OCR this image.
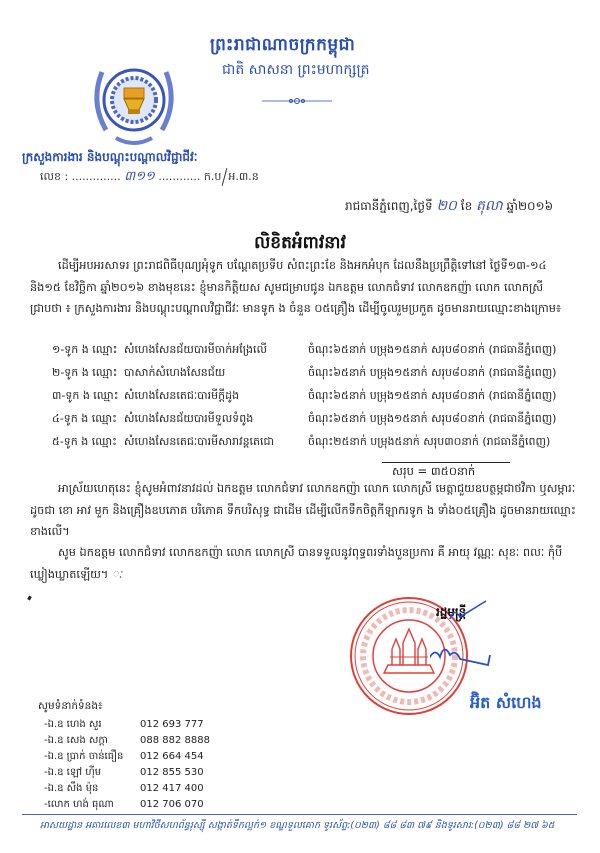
ព្រះរាជាណាចក្រកម្ពុជា
ជាតិ សាសនា ព្រះមហាក្សត្រ
ក្រសួងការងារ និងបណ្តុះបណ្តាលវិជ្ជាជីវៈ
លេខ : .............. ៣១១ ............ ក.ប អ.៣.ន
រាជធានីភ្នំពេញ,ថ្ងៃទី ២០ ខែ តុលា ឆ្នាំ២០១៦
លិខិតអំពាវនាវ
ដើម្បីអបអរសាទរ ព្រះរាជពិធីបុណ្យអុំទូក បណ្តែតប្រទីប សំពះព្រះខែ និងអកអំបុក ដែលនឹងប្រព្រឹត្តិទៅនៅ ថ្ងៃទី១៣-១៤ និង១៥ ខែវិច្ឆិកា ឆ្នាំ២០១៦ ខាងមុខនេះ ខ្ញុំមានកិត្តិយស សូមជម្រាបជូន ឯកឧត្តម លោកជំទាវ លោកឧកញ៉ា លោក លោកស្រី ជ្រាបថា ៖ ក្រសួងការងារ និងបណ្តុះបណ្តាលវិជ្ជាជីវៈ មានទូក ង ចំនួន ០៥គ្រឿង ដើម្បីចូលរួមប្រកួត ដូចមានរាយឈ្មោះខាងក្រោម៖
១-ទូក ង ឈ្មោះ សំហេងសែនជ័យបារមីចាក់អង្រែលើ	ចំណុះ៦៥នាក់ បម្រុង១៥នាក់ សរុប៨០នាក់ (រាជធានីភ្នំពេញ)
២-ទូក ង ឈ្មោះ បាសាក់សំហេងសែនជ័យ	ចំណុះ៦៥នាក់ បម្រុង១៥នាក់ សរុប៨០នាក់ (រាជធានីភ្នំពេញ)
៣-ទូក ង ឈ្មោះ សំហេងសែនតេជៈបារមីក្តីដូង	ចំណុះ៦៥នាក់ បម្រុង១៥នាក់ សរុប៨០នាក់ (រាជធានីភ្នំពេញ)
៤-ទូក ង ឈ្មោះ សំហេងសែនជ័យបារមីទួលទំពូង	ចំណុះ៦៥នាក់ បម្រុង១៥នាក់ សរុប៨០នាក់ (រាជធានីភ្នំពេញ)
៥-ទូក ង ឈ្មោះ សំហេងសែនតេជៈបារមីសារាវន្តតេជោ	ចំណុះ២៥នាក់ បម្រុង៥នាក់ សរុប៣០នាក់ (រាជធានីភ្នំពេញ)
សរុប = ៣៥០នាក់
អាស្រ័យហេតុនេះ ខ្ញុំសូមអំពាវនាវដល់ ឯកឧត្តម លោកជំទាវ លោកឧកញ៉ា លោក លោកស្រី មេត្តាជួយឧបត្ថម្ភជាថវិកា ឬសម្ភារៈដូចជា ខោ អាវ មួក និងគ្រឿងឧបភោគ បរិភោគ ទឹកបរិសុទ្ធ ជាដើម ដើម្បីលើកទឹកចិត្តកីឡាករទូក ង ទាំង០៥គ្រឿង ដូចមានរាយឈ្មោះខាងលើ។
សូម ឯកឧត្តម លោកជំទាវ លោកឧកញ៉ា លោក លោកស្រី បានទទួលនូវពុទ្ធពរទាំងបួនប្រការ គឺ អាយុ វណ្ណៈ សុខៈ ពលៈ កុំបីឃ្លៀងឃ្លាតឡើយ។ ៈ
រដ្ឋមន្ត្រី
អ៊ិត សំហេង
សូមទំនាក់ទំនង៖
-ឯ.ឧ ហេង សួរ	012 693 777
-ឯ.ឧ សេង សក្ដា	088 882 8888
-ឯ.ឧ ប្រាក់ ចាន់ធឿន 012 664 454
-ឯ.ឧ ឡៅ ហ៊ីម	012 855 530
-ឯ.ឧ សឹង ម៉ុន	012 417 400
-លោក ហង់ ធុណា	012 706 070
អាសយដ្ឋាន អគារលេខ៣ មហាវិថីសហព័ន្ធរុស្ស៊ី សង្កាត់ទឹកល្អក់១ ខណ្ឌទួលគោក ទូរស័ព្ទ:(០២៣) ៨៨ ៨៣ ៧៩ និងទូរសារ:(០២៣) ៨៨ ២៧ ៦៥
